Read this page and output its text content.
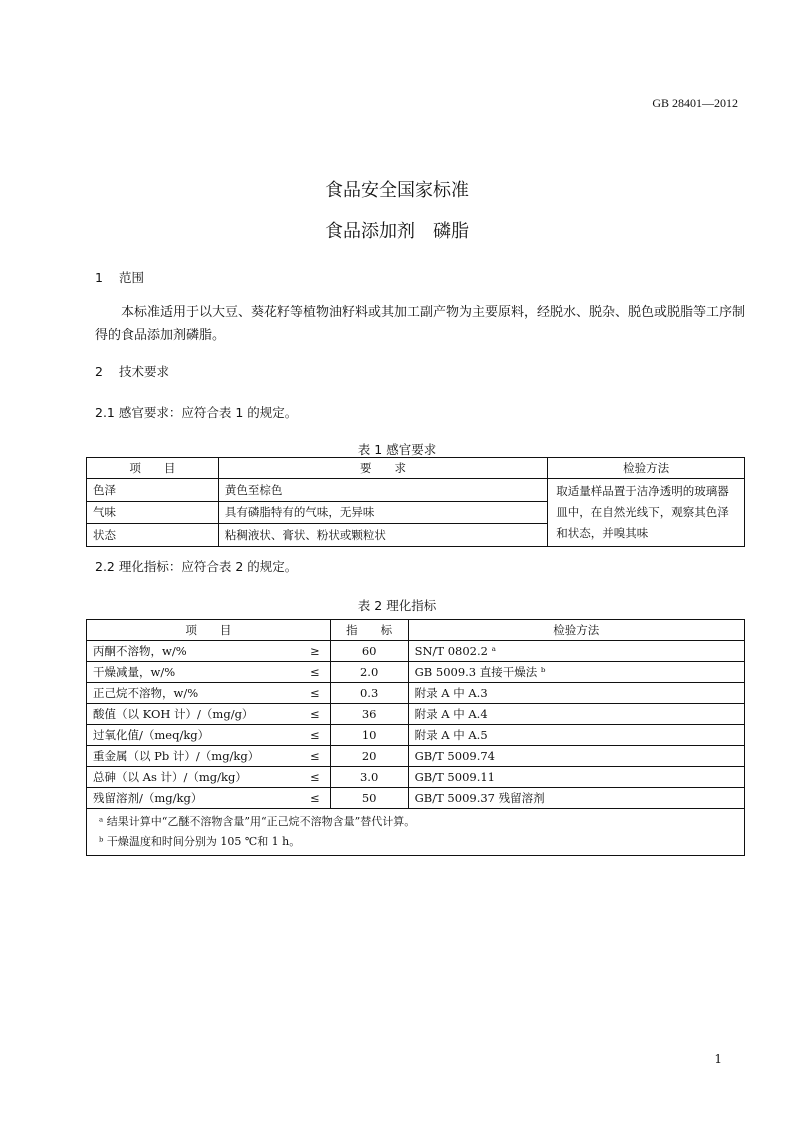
GB 28401—2012
食品安全国家标准
食品添加剂　磷脂
1 范围
本标准适用于以大豆、葵花籽等植物油籽料或其加工副产物为主要原料，经脱水、脱杂、脱色或脱脂等工序制得的食品添加剂磷脂。
2 技术要求
2.1 感官要求：应符合表 1 的规定。
表 1 感官要求
项　　目	要　　求	检验方法
色泽	黄色至棕色	取适量样品置于洁净透明的玻璃器皿中，在自然光线下，观察其色泽和状态，并嗅其味
气味	具有磷脂特有的气味，无异味	
状态	粘稠液状、膏状、粉状或颗粒状	
2.2 理化指标：应符合表 2 的规定。
表 2 理化指标
项　　目		指　　标	检验方法
丙酮不溶物，w/%	≥	60	SN/T 0802.2 ᵃ
干燥减量，w/%	≤	2.0	GB 5009.3 直接干燥法 ᵇ
正己烷不溶物，w/%	≤	0.3	附录 A 中 A.3
酸值（以 KOH 计）/（mg/g）	≤	36	附录 A 中 A.4
过氧化值/（meq/kg）	≤	10	附录 A 中 A.5
重金属（以 Pb 计）/（mg/kg）	≤	20	GB/T 5009.74
总砷（以 As 计）/（mg/kg）	≤	3.0	GB/T 5009.11
残留溶剂/（mg/kg）	≤	50	GB/T 5009.37 残留溶剂

ᵃ 结果计算中“乙醚不溶物含量”用“正己烷不溶物含量”替代计算。
ᵇ 干燥温度和时间分别为 105 ℃和 1 h。			
1
